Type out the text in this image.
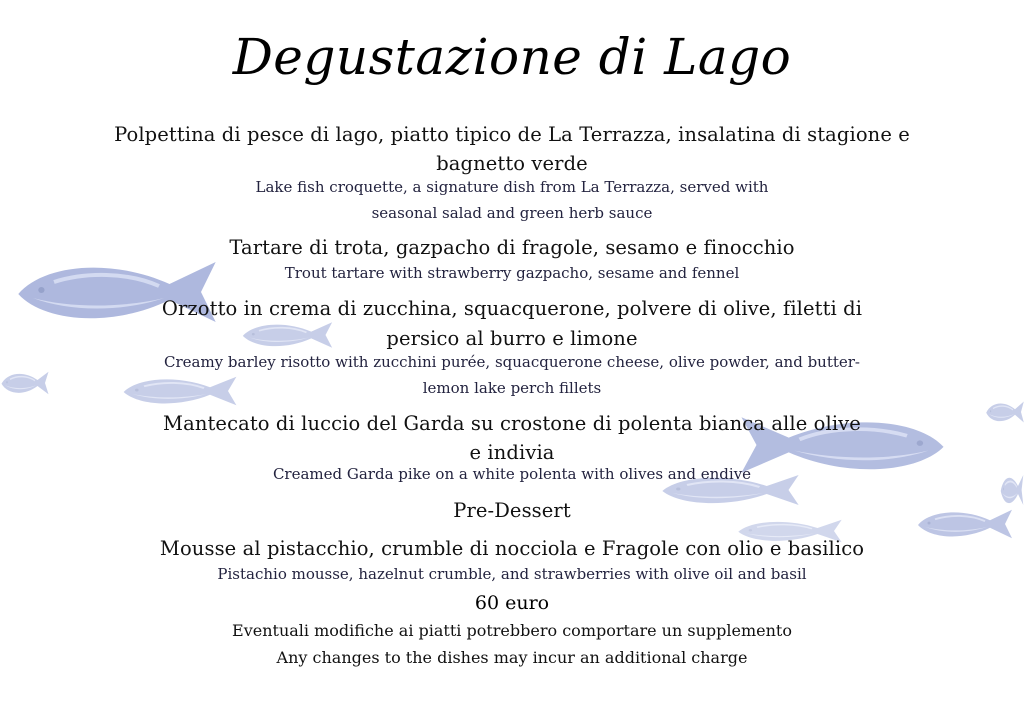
Degustazione di Lago
Polpettina di pesce di lago, piatto tipico de La Terrazza, insalatina di stagione e
bagnetto verde
Lake fish croquette, a signature dish from La Terrazza, served with
seasonal salad and green herb sauce
Tartare di trota, gazpacho di fragole, sesamo e finocchio
Trout tartare with strawberry gazpacho, sesame and fennel
Orzotto in crema di zucchina, squacquerone, polvere di olive, filetti di
persico al burro e limone
Creamy barley risotto with zucchini purée, squacquerone cheese, olive powder, and butter-
lemon lake perch fillets
Mantecato di luccio del Garda su crostone di polenta bianca alle olive
e indivia
Creamed Garda pike on a white polenta with olives and endive
Pre-Dessert
Mousse al pistacchio, crumble di nocciola e Fragole con olio e basilico
Pistachio mousse, hazelnut crumble, and strawberries with olive oil and basil
60 euro
Eventuali modifiche ai piatti potrebbero comportare un supplemento
Any changes to the dishes may incur an additional charge
